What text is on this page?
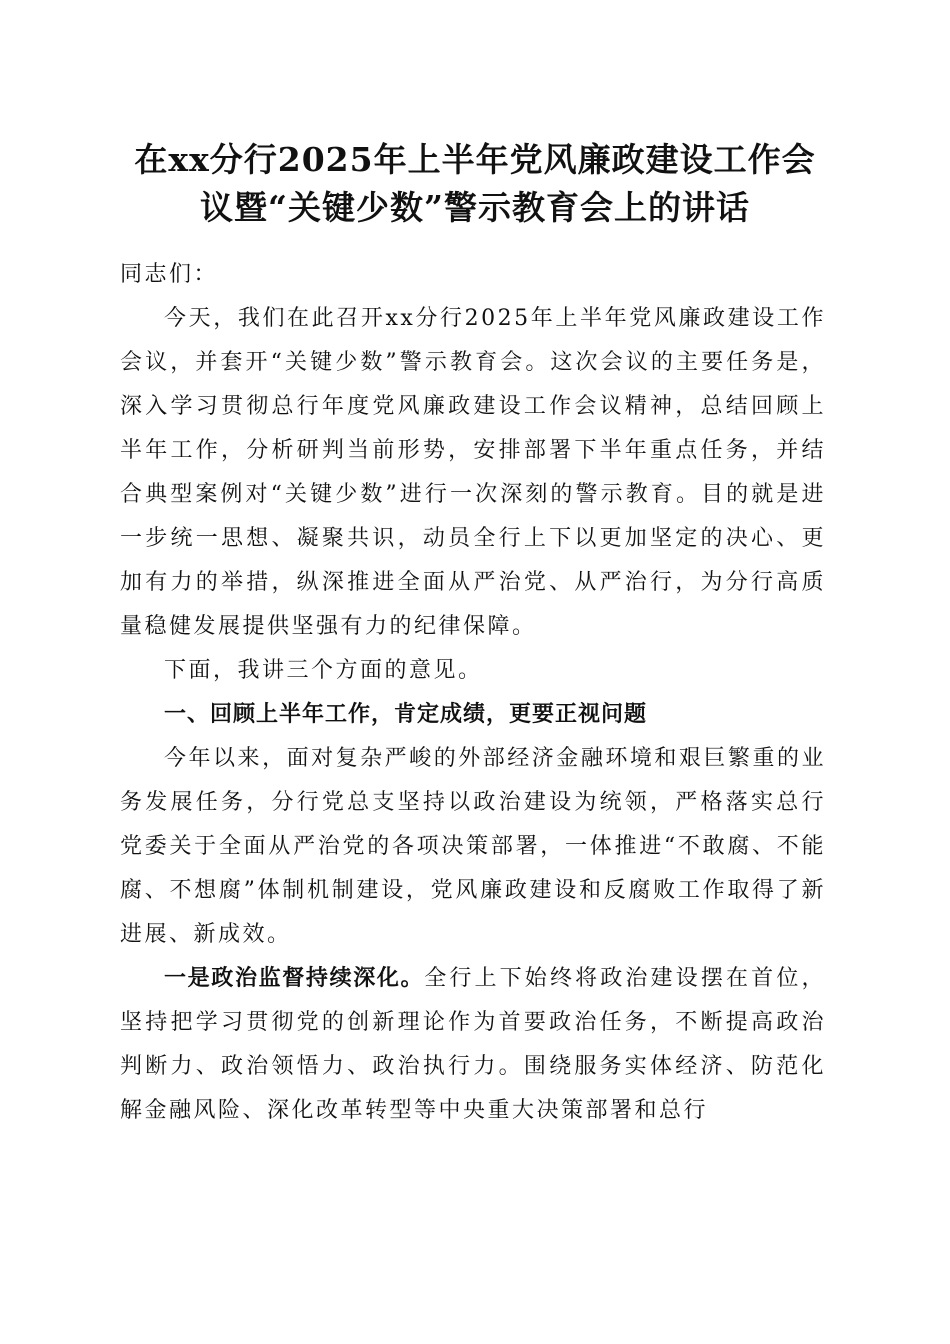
在xx分行2025年上半年党风廉政建设工作会
议暨“关键少数”警示教育会上的讲话

同志们：

今天，我们在此召开xx分行2025年上半年党风廉政建设工作会议，并套开“关键少数”警示教育会。这次会议的主要任务是，深入学习贯彻总行年度党风廉政建设工作会议精神，总结回顾上半年工作，分析研判当前形势，安排部署下半年重点任务，并结合典型案例对“关键少数”进行一次深刻的警示教育。目的就是进一步统一思想、凝聚共识，动员全行上下以更加坚定的决心、更加有力的举措，纵深推进全面从严治党、从严治行，为分行高质量稳健发展提供坚强有力的纪律保障。

下面，我讲三个方面的意见。

一、回顾上半年工作，肯定成绩，更要正视问题

今年以来，面对复杂严峻的外部经济金融环境和艰巨繁重的业务发展任务，分行党总支坚持以政治建设为统领，严格落实总行党委关于全面从严治党的各项决策部署，一体推进“不敢腐、不能腐、不想腐”体制机制建设，党风廉政建设和反腐败工作取得了新进展、新成效。

一是政治监督持续深化。全行上下始终将政治建设摆在首位，坚持把学习贯彻党的创新理论作为首要政治任务，不断提高政治判断力、政治领悟力、政治执行力。围绕服务实体经济、防范化解金融风险、深化改革转型等中央重大决策部署和总行
